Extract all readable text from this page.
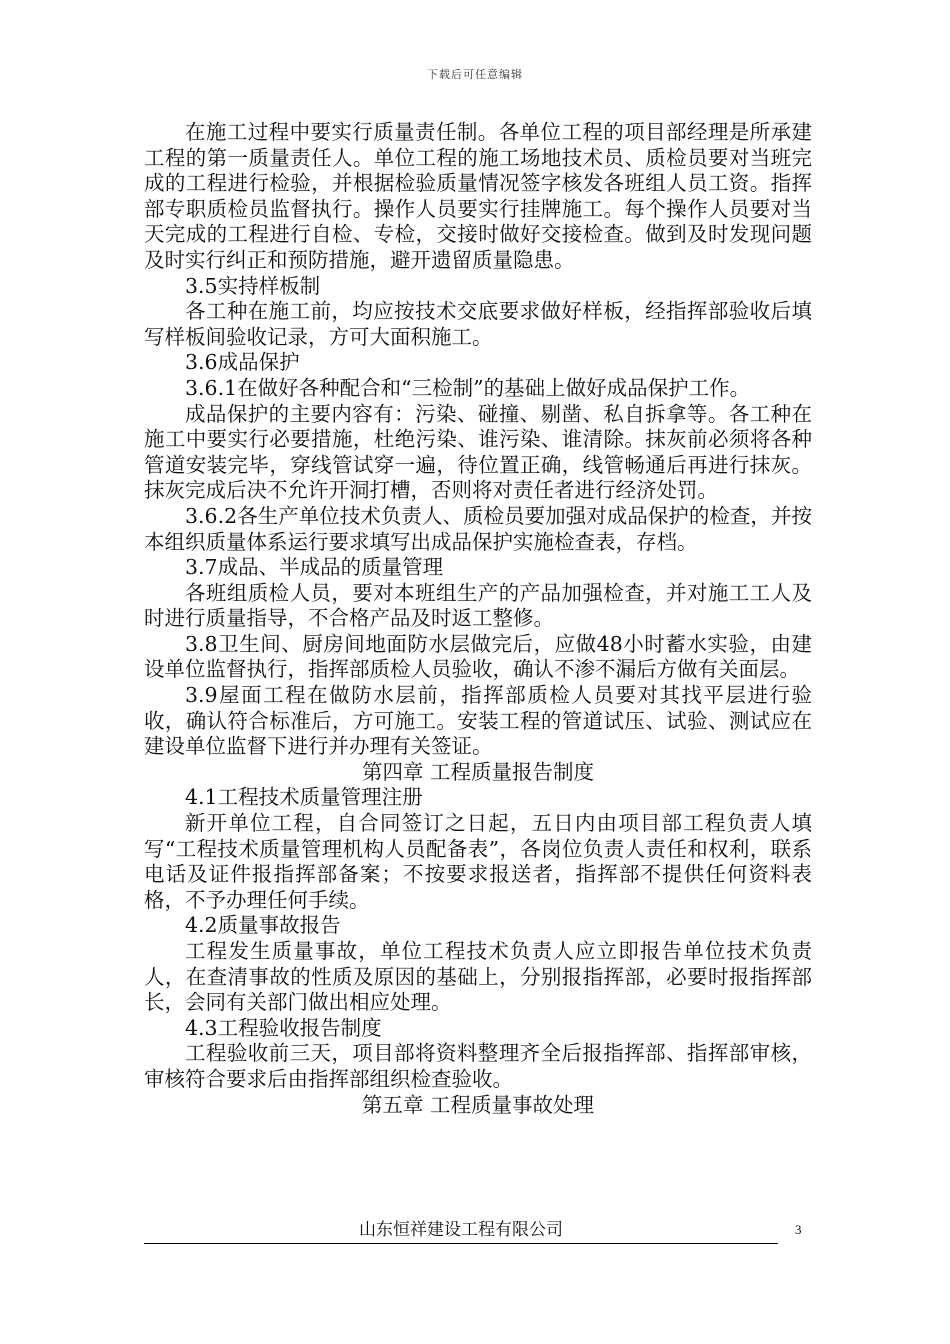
下载后可任意编辑

在施工过程中要实行质量责任制。各单位工程的项目部经理是所承建工程的第一质量责任人。单位工程的施工场地技术员、质检员要对当班完成的工程进行检验，并根据检验质量情况签字核发各班组人员工资。指挥部专职质检员监督执行。操作人员要实行挂牌施工。每个操作人员要对当天完成的工程进行自检、专检，交接时做好交接检查。做到及时发现问题及时实行纠正和预防措施，避开遗留质量隐患。

3.5实持样板制

各工种在施工前，均应按技术交底要求做好样板，经指挥部验收后填写样板间验收记录，方可大面积施工。

3.6成品保护

3.6.1在做好各种配合和“三检制”的基础上做好成品保护工作。

成品保护的主要内容有：污染、碰撞、剔凿、私自拆拿等。各工种在施工中要实行必要措施，杜绝污染、谁污染、谁清除。抹灰前必须将各种管道安装完毕，穿线管试穿一遍，待位置正确，线管畅通后再进行抹灰。抹灰完成后决不允许开洞打槽，否则将对责任者进行经济处罚。

3.6.2各生产单位技术负责人、质检员要加强对成品保护的检查，并按本组织质量体系运行要求填写出成品保护实施检查表，存档。

3.7成品、半成品的质量管理

各班组质检人员，要对本班组生产的产品加强检查，并对施工工人及时进行质量指导，不合格产品及时返工整修。

3.8卫生间、厨房间地面防水层做完后，应做48小时蓄水实验，由建设单位监督执行，指挥部质检人员验收，确认不渗不漏后方做有关面层。

3.9屋面工程在做防水层前，指挥部质检人员要对其找平层进行验收，确认符合标准后，方可施工。安装工程的管道试压、试验、测试应在建设单位监督下进行并办理有关签证。

第四章 工程质量报告制度

4.1工程技术质量管理注册

新开单位工程，自合同签订之日起，五日内由项目部工程负责人填写“工程技术质量管理机构人员配备表”，各岗位负责人责任和权利，联系电话及证件报指挥部备案；不按要求报送者，指挥部不提供任何资料表格，不予办理任何手续。

4.2质量事故报告

工程发生质量事故，单位工程技术负责人应立即报告单位技术负责人，在查清事故的性质及原因的基础上，分别报指挥部，必要时报指挥部长，会同有关部门做出相应处理。

4.3工程验收报告制度

工程验收前三天，项目部将资料整理齐全后报指挥部、指挥部审核，审核符合要求后由指挥部组织检查验收。

第五章 工程质量事故处理

山东恒祥建设工程有限公司	3
